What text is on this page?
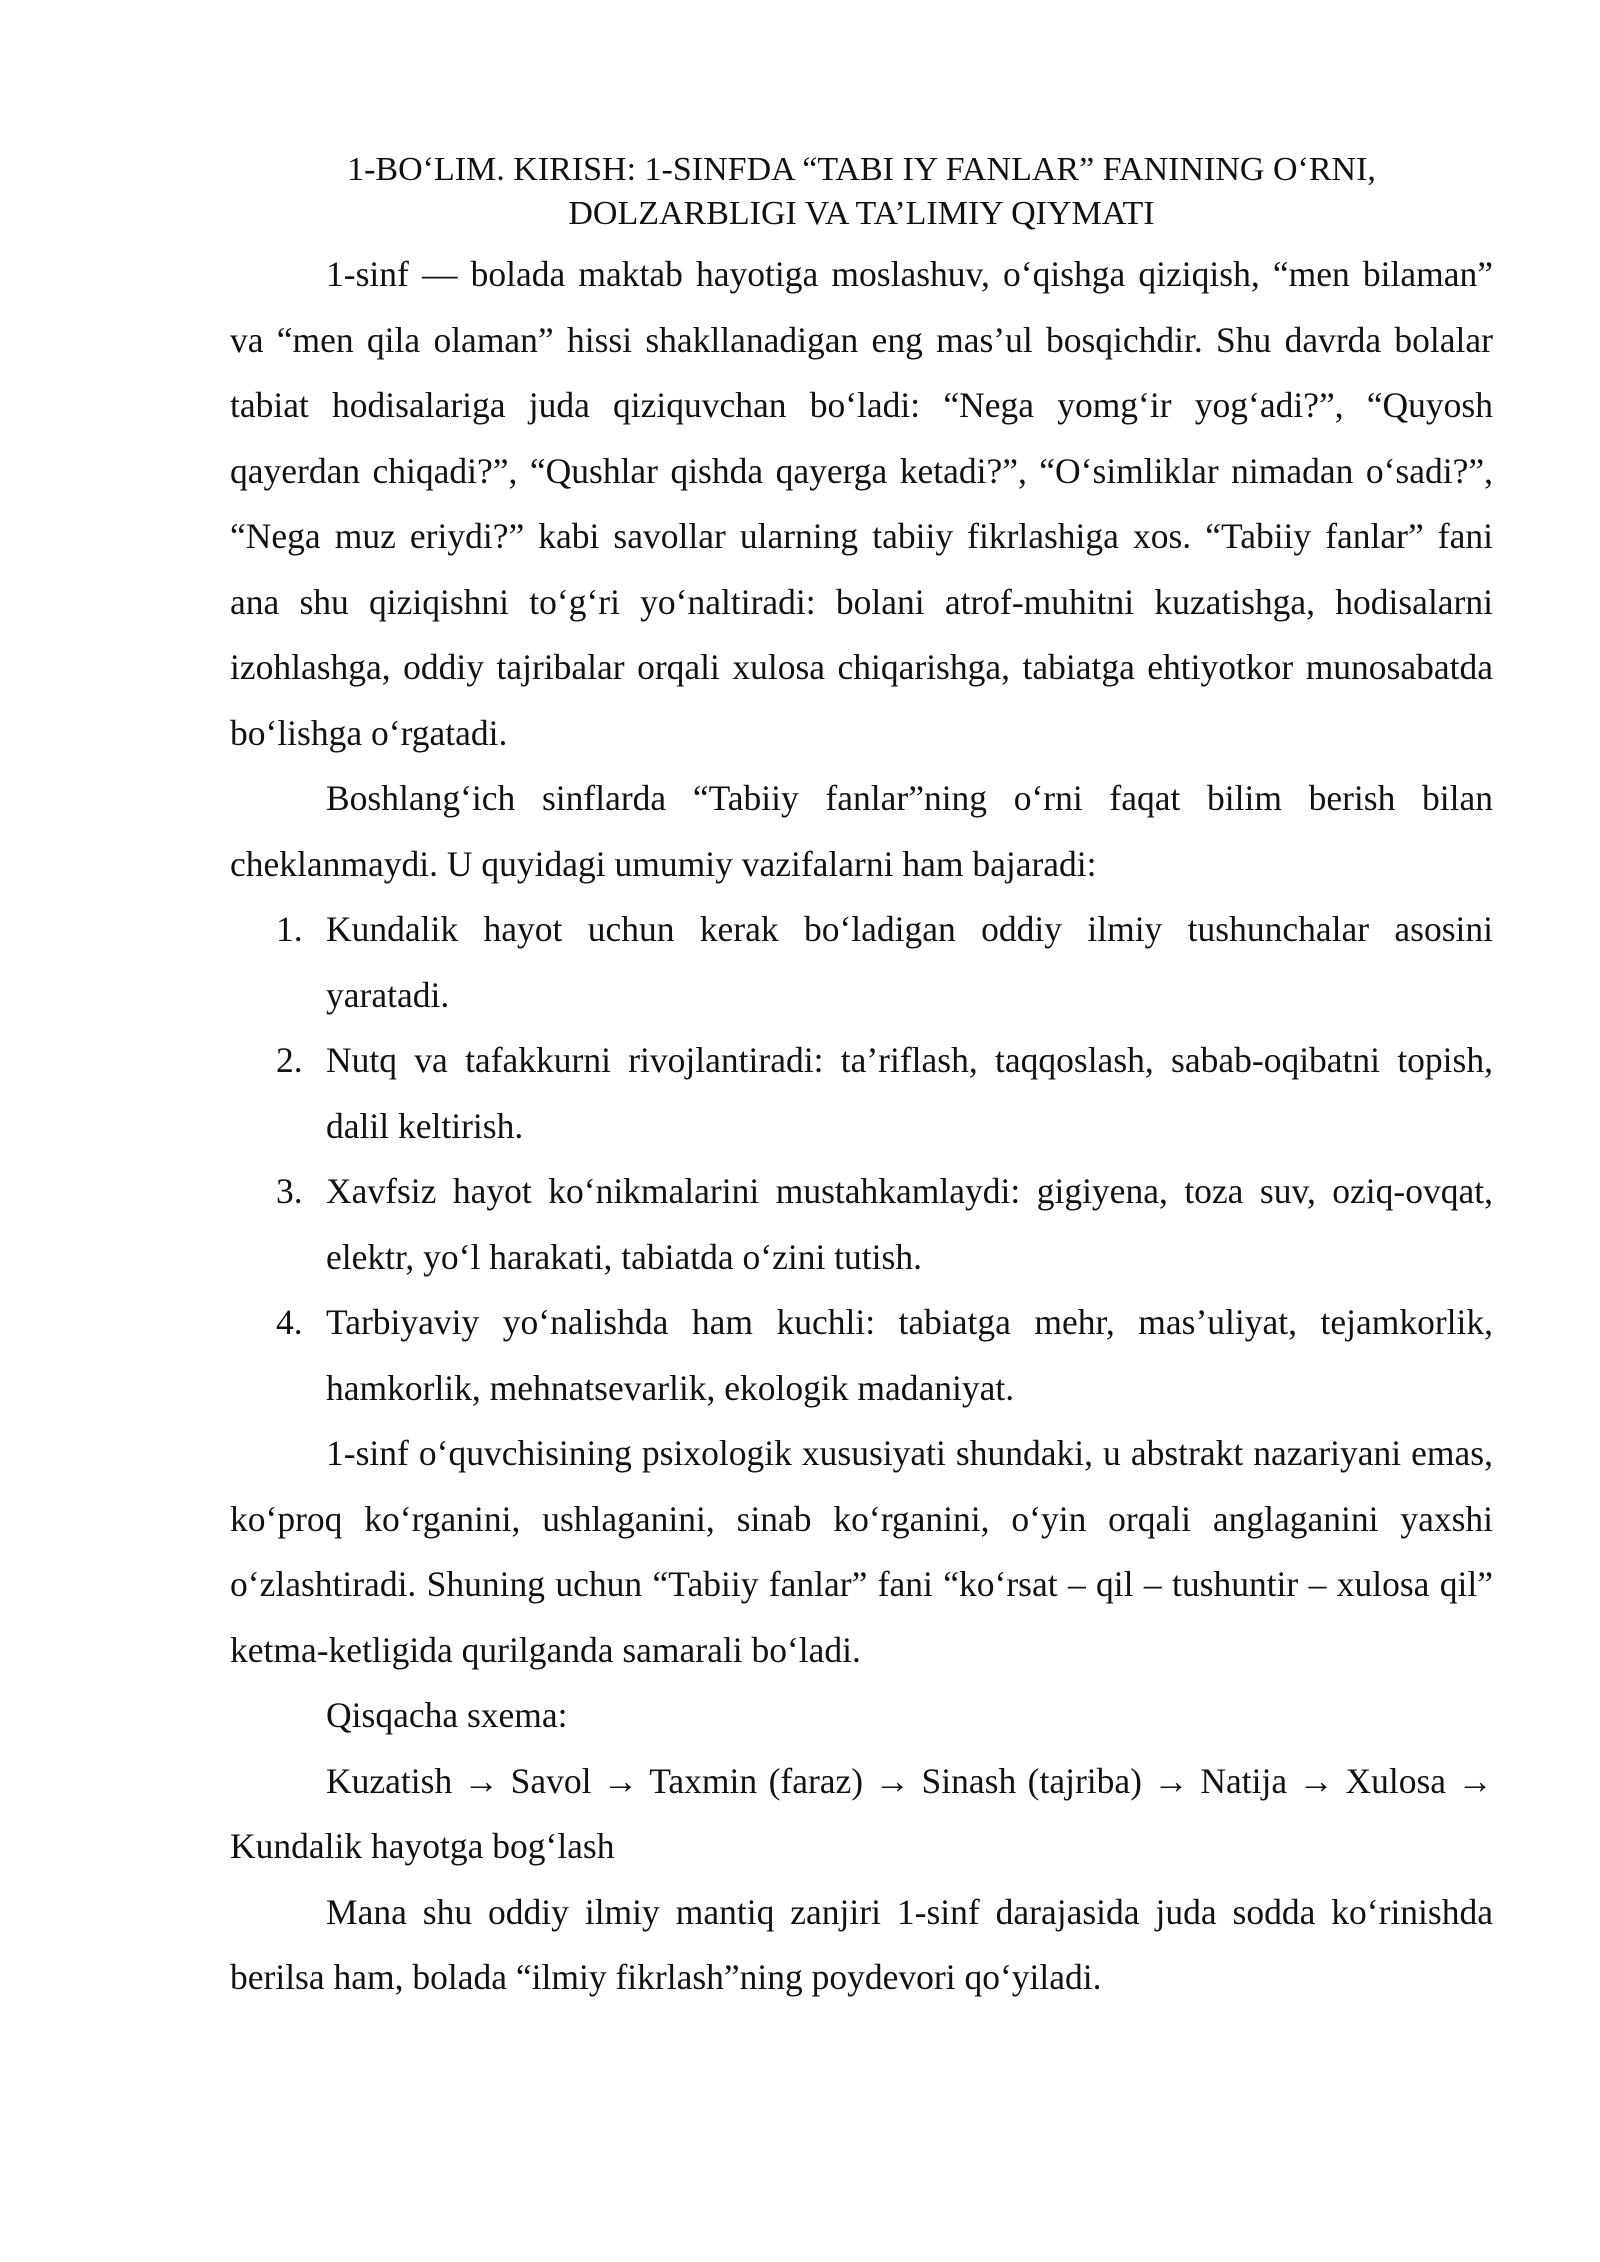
1-BO‘LIM. KIRISH: 1-SINFDA “TABI IY FANLAR” FANINING O‘RNI,
DOLZARBLIGI VA TA’LIMIY QIYMATI

1-sinf — bolada maktab hayotiga moslashuv, o‘qishga qiziqish, “men bilaman” va “men qila olaman” hissi shakllanadigan eng mas’ul bosqichdir. Shu davrda bolalar tabiat hodisalariga juda qiziquvchan bo‘ladi: “Nega yomg‘ir yog‘adi?”, “Quyosh qayerdan chiqadi?”, “Qushlar qishda qayerga ketadi?”, “O‘simliklar nimadan o‘sadi?”, “Nega muz eriydi?” kabi savollar ularning tabiiy fikrlashiga xos. “Tabiiy fanlar” fani ana shu qiziqishni to‘g‘ri yo‘naltiradi: bolani atrof-muhitni kuzatishga, hodisalarni izohlashga, oddiy tajribalar orqali xulosa chiqarishga, tabiatga ehtiyotkor munosabatda bo‘lishga o‘rgatadi.

Boshlang‘ich sinflarda “Tabiiy fanlar”ning o‘rni faqat bilim berish bilan cheklanmaydi. U quyidagi umumiy vazifalarni ham bajaradi:

1. Kundalik hayot uchun kerak bo‘ladigan oddiy ilmiy tushunchalar asosini yaratadi.
2. Nutq va tafakkurni rivojlantiradi: ta’riflash, taqqoslash, sabab-oqibatni topish, dalil keltirish.
3. Xavfsiz hayot ko‘nikmalarini mustahkamlaydi: gigiyena, toza suv, oziq-ovqat, elektr, yo‘l harakati, tabiatda o‘zini tutish.
4. Tarbiyaviy yo‘nalishda ham kuchli: tabiatga mehr, mas’uliyat, tejamkorlik, hamkorlik, mehnatsevarlik, ekologik madaniyat.

1-sinf o‘quvchisining psixologik xususiyati shundaki, u abstrakt nazariyani emas, ko‘proq ko‘rganini, ushlaganini, sinab ko‘rganini, o‘yin orqali anglaganini yaxshi o‘zlashtiradi. Shuning uchun “Tabiiy fanlar” fani “ko‘rsat – qil – tushuntir – xulosa qil” ketma-ketligida qurilganda samarali bo‘ladi.

Qisqacha sxema:

Kuzatish → Savol → Taxmin (faraz) → Sinash (tajriba) → Natija → Xulosa → Kundalik hayotga bog‘lash

Mana shu oddiy ilmiy mantiq zanjiri 1-sinf darajasida juda sodda ko‘rinishda berilsa ham, bolada “ilmiy fikrlash”ning poydevori qo‘yiladi.
